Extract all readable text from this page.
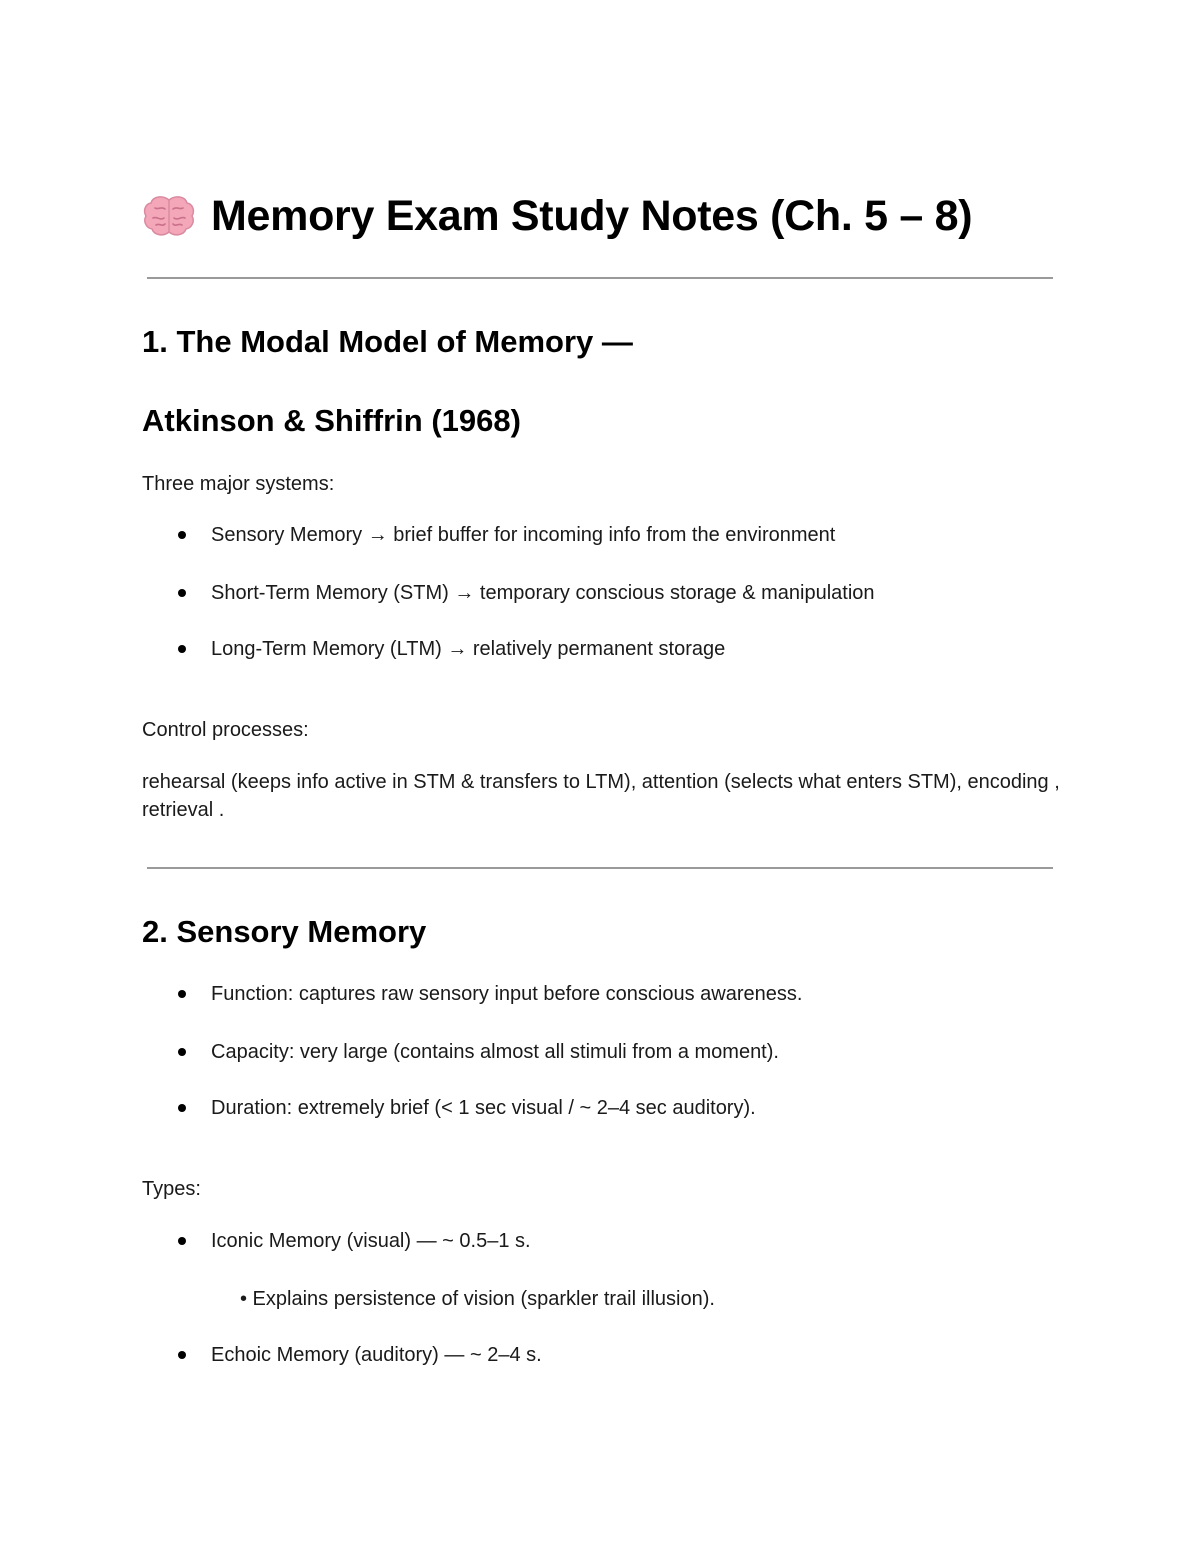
Memory Exam Study Notes (Ch. 5 – 8)
1. The Modal Model of Memory —
Atkinson & Shiffrin (1968)
Three major systems:
Sensory Memory → brief buffer for incoming info from the environment
Short-Term Memory (STM) → temporary conscious storage & manipulation
Long-Term Memory (LTM) → relatively permanent storage
Control processes:
rehearsal (keeps info active in STM & transfers to LTM), attention (selects what enters STM), encoding , retrieval .
2. Sensory Memory
Function: captures raw sensory input before conscious awareness.
Capacity: very large (contains almost all stimuli from a moment).
Duration: extremely brief (< 1 sec visual / ~ 2–4 sec auditory).
Types:
Iconic Memory (visual) — ~ 0.5–1 s.
• Explains persistence of vision (sparkler trail illusion).
Echoic Memory (auditory) — ~ 2–4 s.
